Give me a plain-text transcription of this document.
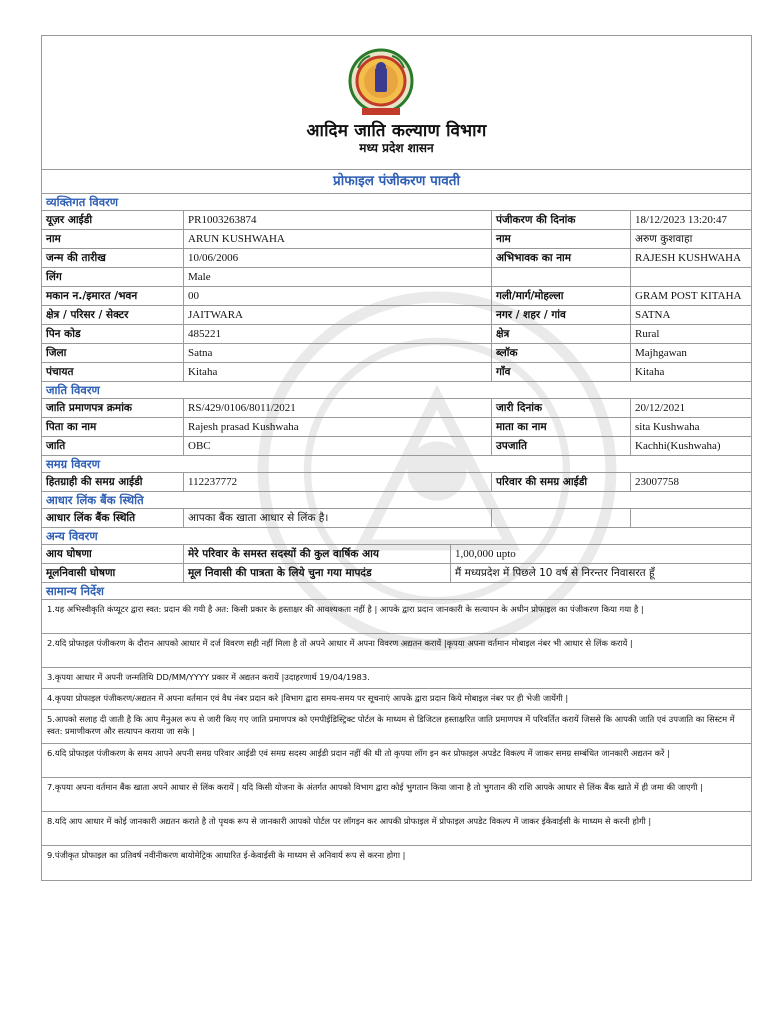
आदिम जाति कल्याण विभाग
मध्य प्रदेश शासन
प्रोफाइल पंजीकरण पावती
व्यक्तिगत विवरण
यूज़र आईडी	PR1003263874	पंजीकरण की दिनांक	18/12/2023 13:20:47
नाम	ARUN KUSHWAHA	नाम	अरुण कुशवाहा
जन्म की तारीख	10/06/2006	अभिभावक का नाम	RAJESH KUSHWAHA
लिंग	Male
मकान न./इमारत /भवन	00	गली/मार्ग/मोहल्ला	GRAM POST KITAHA
क्षेत्र / परिसर / सेक्टर	JAITWARA	नगर / शहर / गांव	SATNA
पिन कोड	485221	क्षेत्र	Rural
जिला	Satna	ब्लॉक	Majhgawan
पंचायत	Kitaha	गाँव	Kitaha
जाति विवरण
जाति प्रमाणपत्र क्रमांक	RS/429/0106/8011/2021	जारी दिनांक	20/12/2021
पिता का नाम	Rajesh prasad Kushwaha	माता का नाम	sita Kushwaha
जाति	OBC	उपजाति	Kachhi(Kushwaha)
समग्र विवरण
हितग्राही की समग्र आईडी	112237772	परिवार की समग्र आईडी	23007758
आधार लिंक बैंक स्थिति
आधार लिंक बैंक स्थिति	आपका बैंक खाता आधार से लिंक है।
अन्य विवरण
आय घोषणा	मेरे परिवार के समस्त सदस्यों की कुल वार्षिक आय	1,00,000 upto
मूलनिवासी घोषणा	मूल निवासी की पात्रता के लिये चुना गया मापदंड	मैं मध्यप्रदेश में पिछले 10 वर्ष से निरन्तर निवासरत हूँ
सामान्य निर्देश
1.यह अभिस्वीकृति कंप्यूटर द्वारा स्वत: प्रदान की गयी है अत: किसी प्रकार के हस्ताक्षर की आवश्यकता नहीं है | आपके द्वारा प्रदान जानकारी के सत्यापन के अधीन प्रोफाइल का पंजीकरण किया गया है |
2.यदि प्रोफाइल पंजीकरण के दौरान आपको आधार में दर्ज विवरण सही नहीं मिला है तो अपने आधार में अपना विवरण अद्यतन करायें |कृपया अपना वर्तमान मोबाइल नंबर भी आधार से लिंक करायें |
3.कृपया आधार में अपनी जन्मतिथि DD/MM/YYYY प्रकार में अद्यतन करायें |उदाहरणार्थ 19/04/1983.
4.कृपया प्रोफाइल पंजीकरण/अद्यतन में अपना वर्तमान एवं वैध नंबर प्रदान करे |विभाग द्वारा समय-समय पर सूचनाएं आपके द्वारा प्रदान किये मोबाइल नंबर पर ही भेजी जायेंगी |
5.आपको सलाह दी जाती है कि आप मैनुअल रूप से जारी किए गए जाति प्रमाणपत्र को एमपीईडिस्ट्रिक्ट पोर्टल के माध्यम से डिजिटल हस्ताक्षरित जाति प्रमाणपत्र में परिवर्तित करायें जिससे कि आपकी जाति एवं उपजाति का सिस्टम में स्वत: प्रमाणीकरण और सत्यापन कराया जा सके |
6.यदि प्रोफाइल पंजीकरण के समय आपने अपनी समग्र परिवार आईडी एवं समग्र सदस्य आईडी प्रदान नहीं की थी तो कृपया लॉग इन कर प्रोफाइल अपडेट विकल्प में जाकर समग्र सम्बंधित जानकारी अद्यतन करें |
7.कृपया अपना वर्तमान बैंक खाता अपने आधार से लिंक करायें | यदि किसी योजना के अंतर्गत आपको विभाग द्वारा कोई भुगतान किया जाना है तो भुगतान की राशि आपके आधार से लिंक बैंक खाते में ही जमा की जाएगी |
8.यदि आप आधार में कोई जानकारी अद्यतन कराते है तो पृथक रूप से जानकारी आपको पोर्टल पर लॉगइन कर आपकी प्रोफाइल में प्रोफाइल अपडेट विकल्प में जाकर ईकेवाईसी के माध्यम से करनी होगी |
9.पंजीकृत प्रोफाइल का प्रतिवर्ष नवीनीकरण बायोमेट्रिक आधारित ई-केवाईसी के माध्यम से अनिवार्य रूप से करना होगा |
